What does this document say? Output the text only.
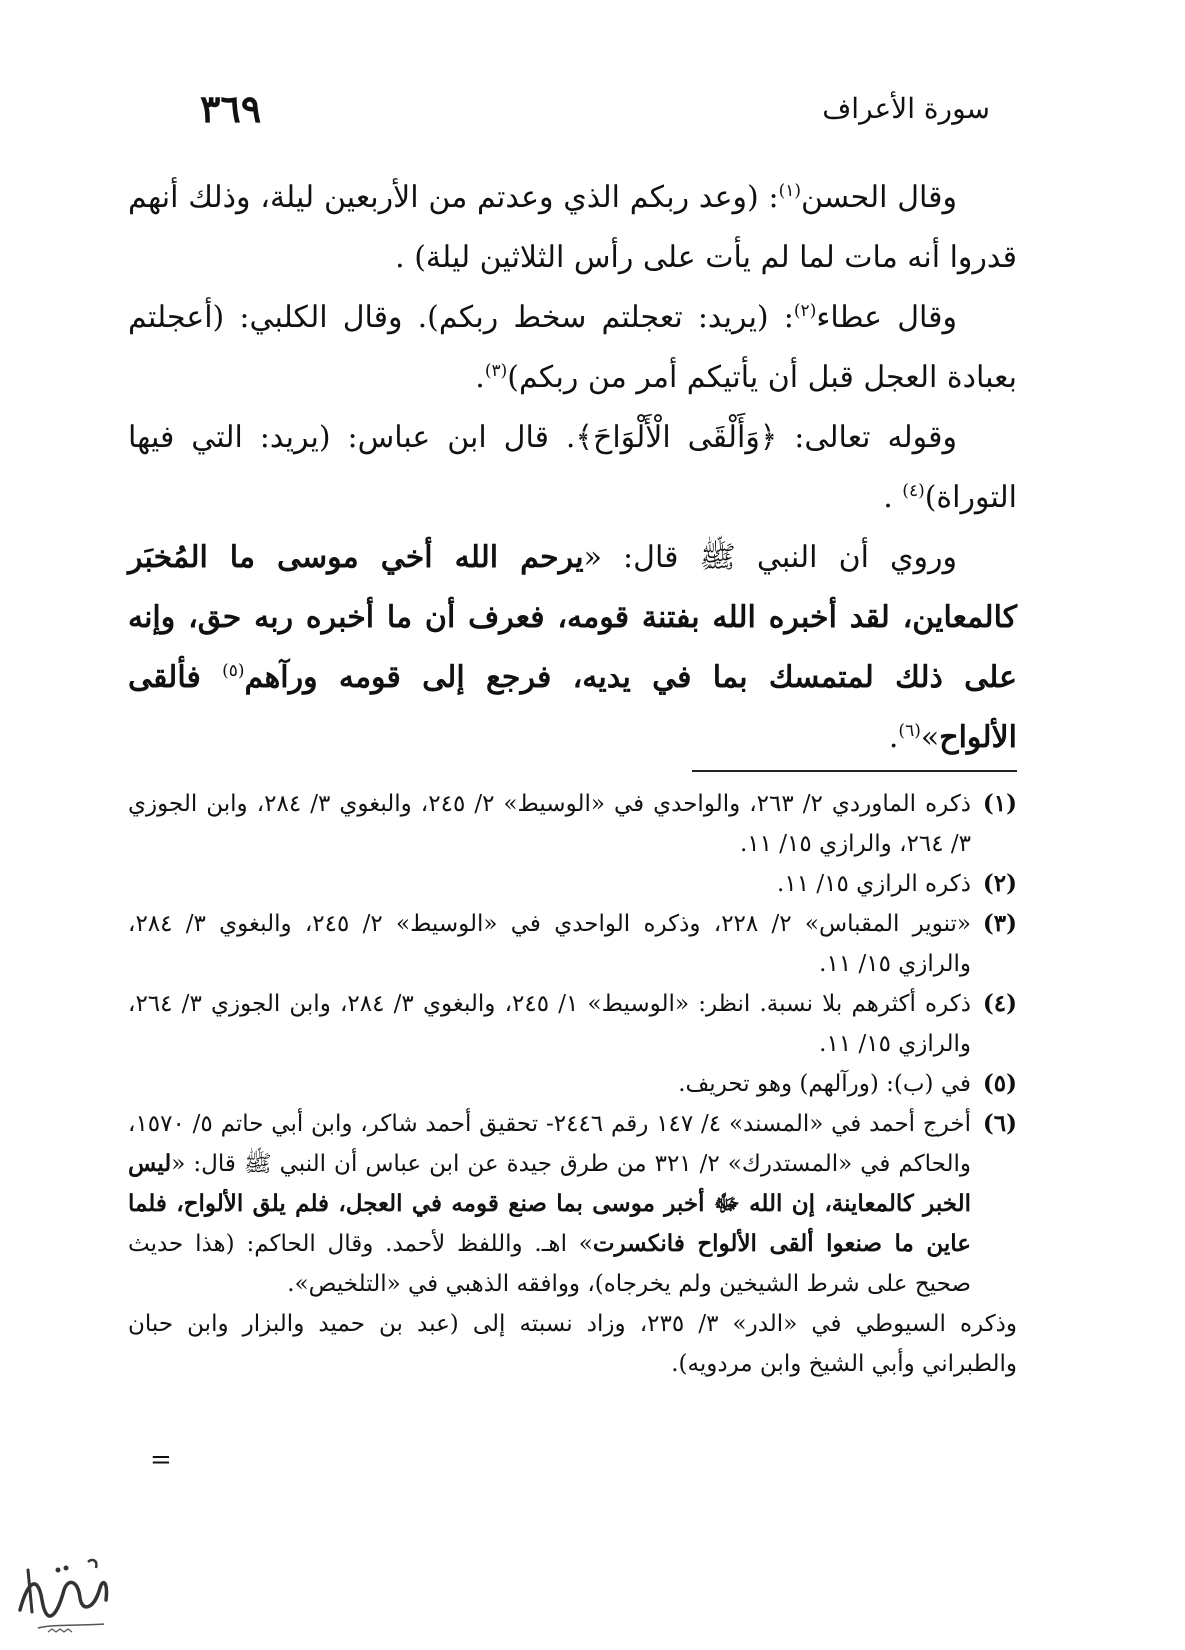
سورة الأعراف
٣٦٩

وقال الحسن$^{(١)}$: (وعد ربكم الذي وعدتم من الأربعين ليلة، وذلك أنهم قدروا أنه مات لما لم يأت على رأس الثلاثين ليلة) .

وقال عطاء$^{(٢)}$: (يريد: تعجلتم سخط ربكم). وقال الكلبي: (أعجلتم بعبادة العجل قبل أن يأتيكم أمر من ربكم)$^{(٣)}$.

وقوله تعالى: ﴿وَأَلْقَى الْأَلْوَاحَ﴾. قال ابن عباس: (يريد: التي فيها التوراة)$^{(٤)}$ .

وروي أن النبي ﷺ قال: «يرحم الله أخي موسى ما المُخبَر كالمعاين، لقد أخبره الله بفتنة قومه، فعرف أن ما أخبره ربه حق، وإنه على ذلك لمتمسك بما في يديه، فرجع إلى قومه ورآهم$^{(٥)}$ فألقى الألواح»$^{(٦)}$.

(١)
ذكره الماوردي ٢/ ٢٦٣، والواحدي في «الوسيط» ٢/ ٢٤٥، والبغوي ٣/ ٢٨٤، وابن الجوزي ٣/ ٢٦٤، والرازي ١٥/ ١١.

(٢)
ذكره الرازي ١٥/ ١١.

(٣)
«تنوير المقباس» ٢/ ٢٢٨، وذكره الواحدي في «الوسيط» ٢/ ٢٤٥، والبغوي ٣/ ٢٨٤، والرازي ١٥/ ١١.

(٤)
ذكره أكثرهم بلا نسبة. انظر: «الوسيط» ١/ ٢٤٥، والبغوي ٣/ ٢٨٤، وابن الجوزي ٣/ ٢٦٤، والرازي ١٥/ ١١.

(٥)
في (ب): (ورآلهم) وهو تحريف.

(٦)
أخرج أحمد في «المسند» ٤/ ١٤٧ رقم ٢٤٤٦- تحقيق أحمد شاكر، وابن أبي حاتم ٥/ ١٥٧٠، والحاكم في «المستدرك» ٢/ ٣٢١ من طرق جيدة عن ابن عباس أن النبي ﷺ قال: «ليس الخبر كالمعاينة، إن الله ﷻ أخبر موسى بما صنع قومه في العجل، فلم يلق الألواح، فلما عاين ما صنعوا ألقى الألواح فانكسرت» اهـ. واللفظ لأحمد. وقال الحاكم: (هذا حديث صحيح على شرط الشيخين ولم يخرجاه)، ووافقه الذهبي في «التلخيص».

وذكره السيوطي في «الدر» ٣/ ٢٣٥، وزاد نسبته إلى (عبد بن حميد والبزار وابن حبان والطبراني وأبي الشيخ وابن مردويه).

=
